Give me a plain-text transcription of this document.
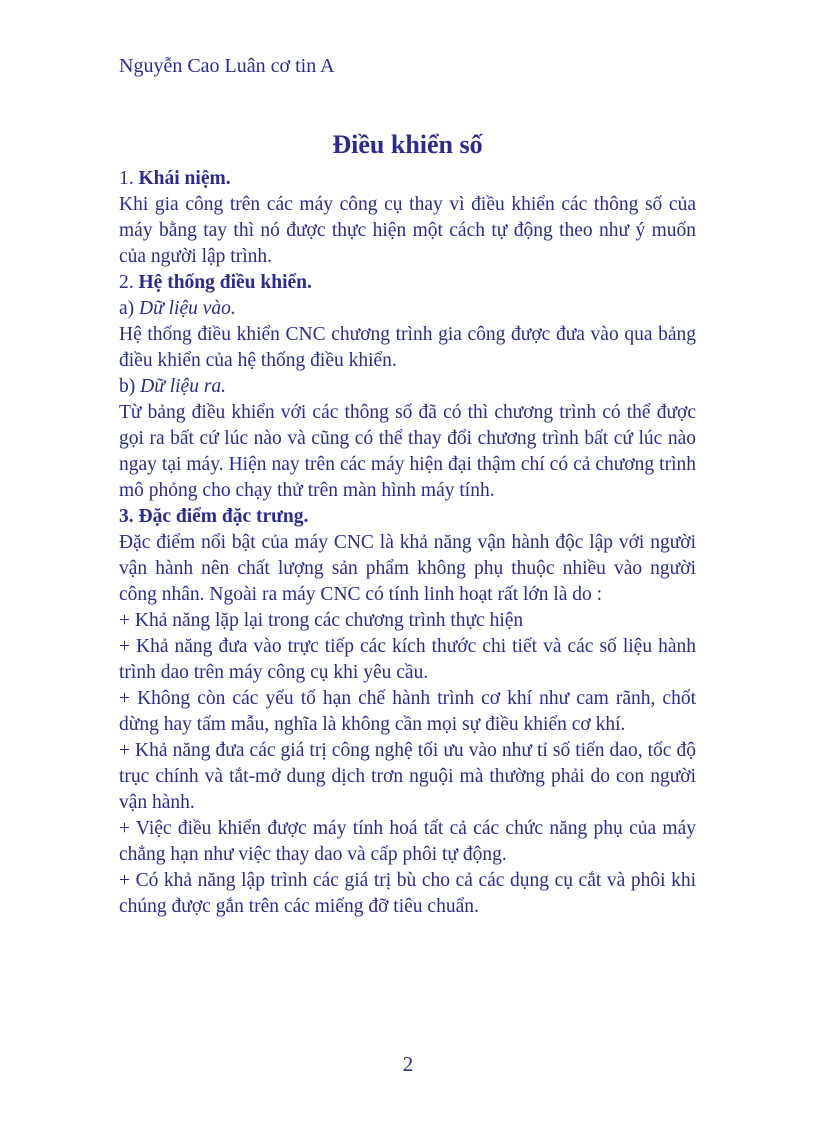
Nguyễn Cao Luân cơ tin A
Điều khiển số
1. Khái niệm.

Khi gia công trên các máy công cụ thay vì điều khiển các thông số của máy bằng tay thì nó được thực hiện một cách tự động theo như ý muốn của người lập trình.

2. Hệ thống điều khiển.
a) Dữ liệu vào.

Hệ thống điều khiển CNC chương trình gia công được đưa vào qua bảng điều khiển của hệ thống điều khiển.

b) Dữ liệu ra.

Từ bảng điều khiển với các thông số đã có thì chương trình có thể được gọi ra bất cứ lúc nào và cũng có thể thay đổi chương trình bất cứ lúc nào ngay tại máy. Hiện nay trên các máy hiện đại thậm chí có cả chương trình mô phỏng cho chạy thử trên màn hình máy tính.

3. Đặc điểm đặc trưng.

Đặc điểm nổi bật của máy CNC là khả năng vận hành độc lập với người vận hành nên chất lượng sản phẩm không phụ thuộc nhiều vào người công nhân. Ngoài ra máy CNC có tính linh hoạt rất lớn là do :

+ Khả năng lặp lại trong các chương trình thực hiện

+ Khả năng đưa vào trực tiếp các kích thước chi tiết và các số liệu hành trình dao trên máy công cụ khi yêu cầu.

+ Không còn các yếu tố hạn chế hành trình cơ khí như cam rãnh, chốt dừng hay tấm mẫu, nghĩa là không cần mọi sự điều khiển cơ khí.

+ Khả năng đưa các giá trị công nghệ tối ưu vào như tỉ số tiến dao, tốc độ trục chính và tắt-mở dung dịch trơn nguội mà thường phải do con người vận hành.

+ Việc điều khiển được máy tính hoá tất cả các chức năng phụ của máy chẳng hạn như việc thay dao và cấp phôi tự động.

+ Có khả năng lập trình các giá trị bù cho cả các dụng cụ cắt và phôi khi chúng được gắn trên các miếng đỡ tiêu chuẩn.

2
